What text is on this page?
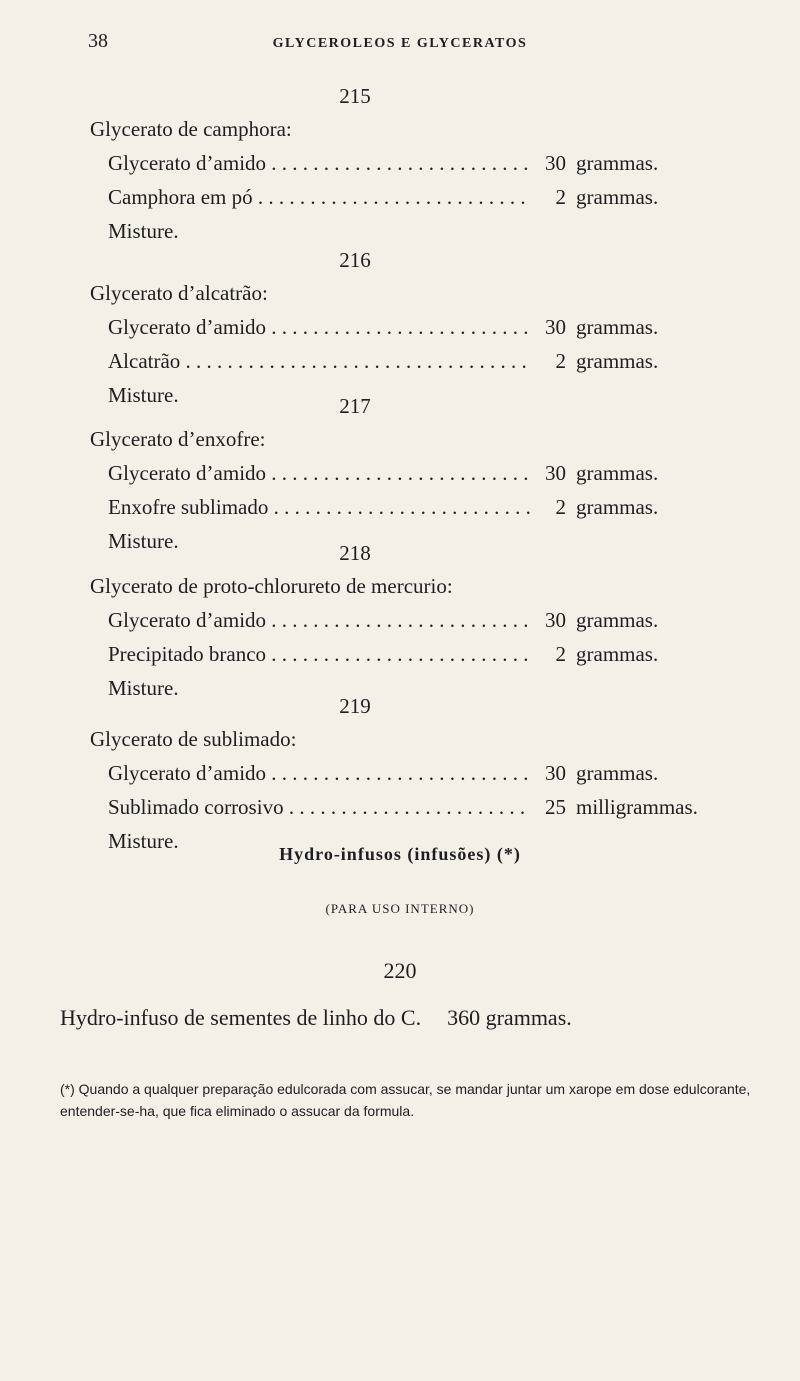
38	GLYCEROLEOS E GLYCERATOS
215
Glycerato de camphora:
Glycerato d’amido . . .	30 grammas.
Camphora em pó . . .	2 grammas.
Misture.
216
Glycerato d’alcatrão:
Glycerato d’amido . . .	30 grammas.
Alcatrão . . .	2 grammas.
Misture.	217
Glycerato d’enxofre:
Glycerato d’amido . . .	30 grammas.
Enxofre sublimado . . .	2 grammas.
Misture.	218
Glycerato de proto-chlorureto de mercurio:
Glycerato d’amido . . .	30 grammas.
Precipitado branco . . .	2 grammas.
Misture.
219
Glycerato de sublimado:
Glycerato d’amido . . .	30 grammas.
Sublimado corrosivo . . .	25 milligrammas.
Misture.
Hydro-infusos (infusões) (*)
(PARA USO INTERNO)
220
Hydro-infuso de sementes de linho do C. 360 grammas.
(*) Quando a qualquer preparação edulcorada com assucar, se mandar juntar um xarope em dose edulcorante, entender-se-ha, que fica eliminado o assucar da formula.
